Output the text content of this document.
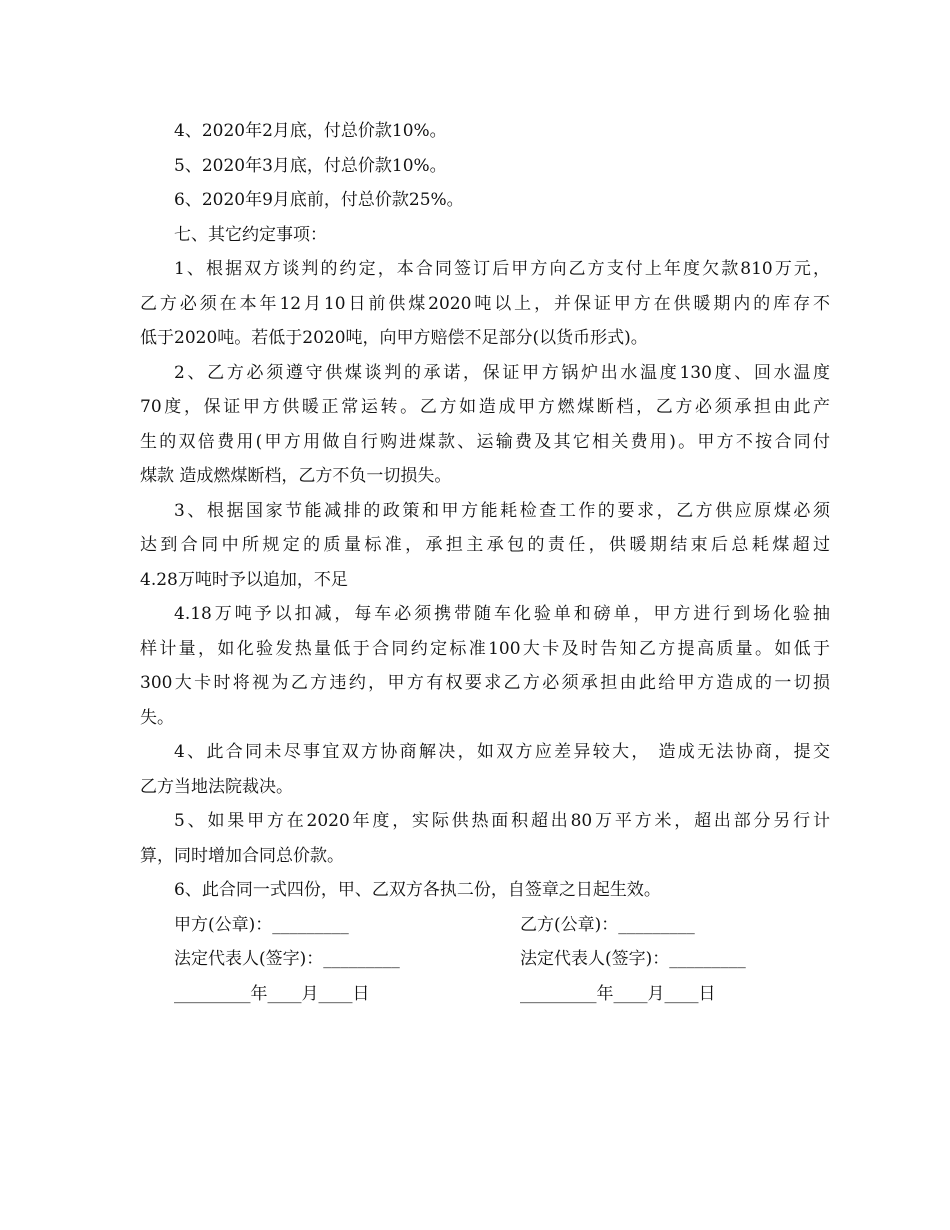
4、2020年2月底，付总价款10%。
5、2020年3月底，付总价款10%。
6、2020年9月底前，付总价款25%。
七、其它约定事项：
1、根据双方谈判的约定，本合同签订后甲方向乙方支付上年度欠款810万元，
乙方必须在本年12月10日前供煤2020吨以上，并保证甲方在供暖期内的库存不
低于2020吨。若低于2020吨，向甲方赔偿不足部分(以货币形式)。
2、乙方必须遵守供煤谈判的承诺，保证甲方锅炉出水温度130度、回水温度
70度，保证甲方供暖正常运转。乙方如造成甲方燃煤断档，乙方必须承担由此产
生的双倍费用(甲方用做自行购进煤款、运输费及其它相关费用)。甲方不按合同付
煤款 造成燃煤断档，乙方不负一切损失。
3、根据国家节能减排的政策和甲方能耗检查工作的要求，乙方供应原煤必须
达到合同中所规定的质量标准，承担主承包的责任，供暖期结束后总耗煤超过
4.28万吨时予以追加，不足
4.18万吨予以扣减，每车必须携带随车化验单和磅单，甲方进行到场化验抽
样计量，如化验发热量低于合同约定标准100大卡及时告知乙方提高质量。如低于
300大卡时将视为乙方违约，甲方有权要求乙方必须承担由此给甲方造成的一切损
失。
4、此合同未尽事宜双方协商解决，如双方应差异较大， 造成无法协商，提交
乙方当地法院裁决。
5、如果甲方在2020年度，实际供热面积超出80万平方米，超出部分另行计
算，同时增加合同总价款。
6、此合同一式四份，甲、乙双方各执二份，自签章之日起生效。
甲方(公章)：_________	乙方(公章)：_________
法定代表人(签字)：_________	法定代表人(签字)：_________
_________年____月____日	_________年____月____日
